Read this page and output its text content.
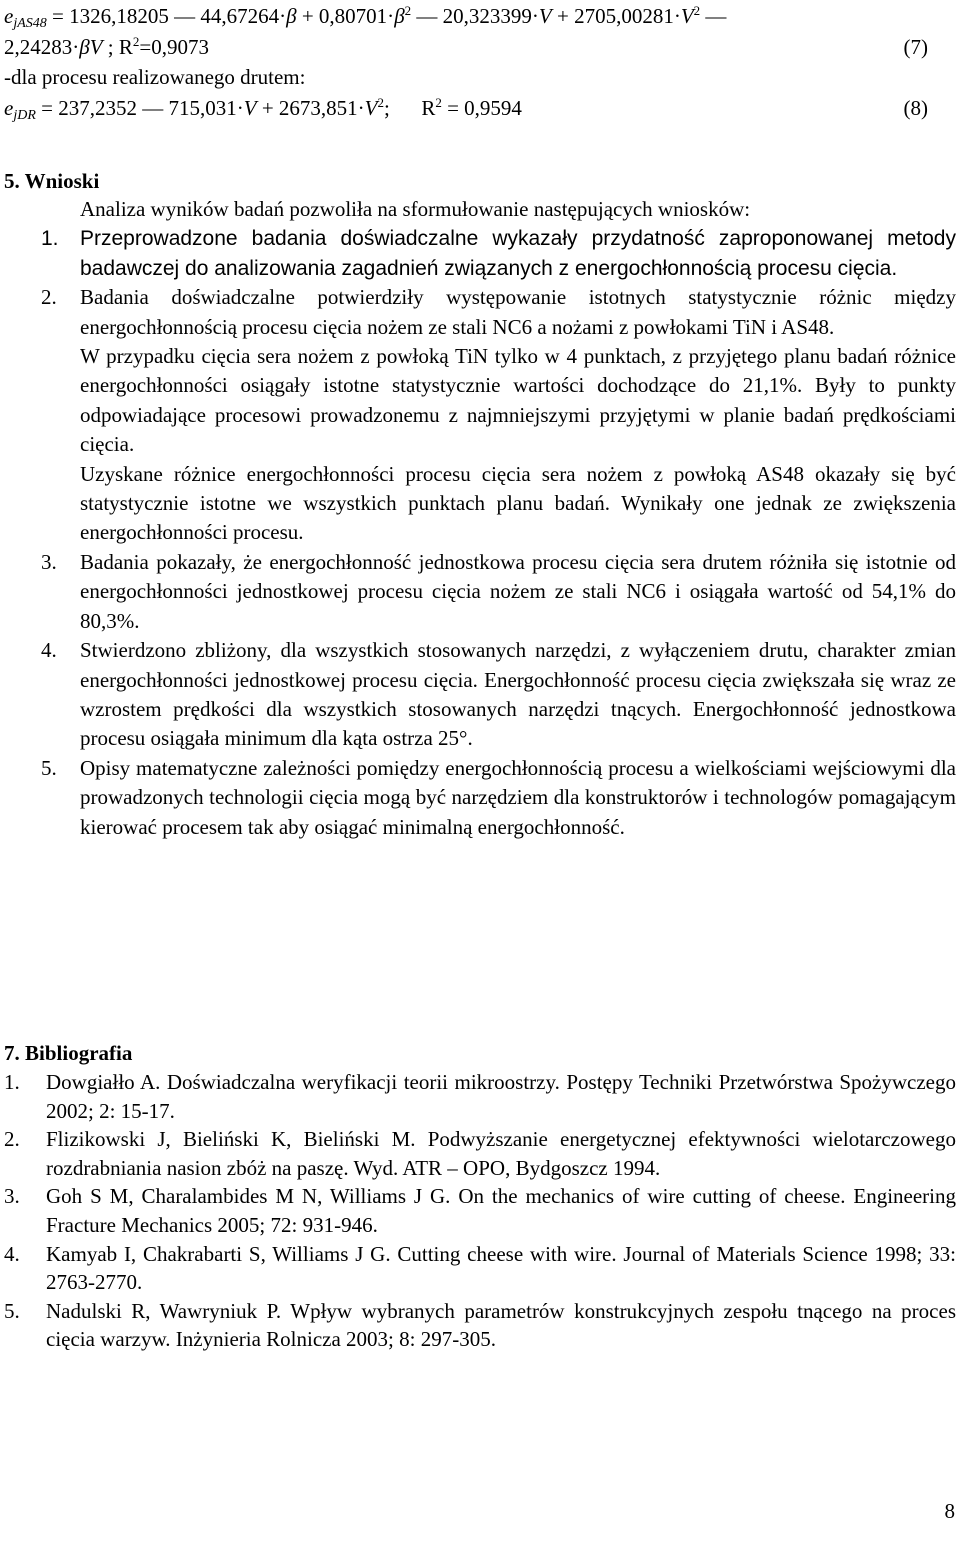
$e_{jAS48} = 1326,18205$ — $44,67264\cdot\beta + 0,80701\cdot\beta^2$ — $20,323399\cdot V + 2705,00281\cdot V^2$ —
2,24283·βV ; $R^2=0,9073$	(7)
-dla procesu realizowanego drutem:
$e_{jDR} = 237,2352$ — $715,031\cdot V + 2673,851\cdot V^2$;      $R^2 = 0,9594$	(8)
5. Wnioski
Analiza wyników badań pozwoliła na sformułowanie następujących wniosków:
1. Przeprowadzone badania doświadczalne wykazały przydatność zaproponowanej metody badawczej do analizowania zagadnień związanych z energochłonnością procesu cięcia.
2. Badania doświadczalne potwierdziły występowanie istotnych statystycznie różnic między energochłonnością procesu cięcia nożem ze stali NC6 a nożami z powłokami TiN i AS48.
W przypadku cięcia sera nożem z powłoką TiN tylko w 4 punktach, z przyjętego planu badań różnice energochłonności osiągały istotne statystycznie wartości dochodzące do 21,1%. Były to punkty odpowiadające procesowi prowadzonemu z najmniejszymi przyjętymi w planie badań prędkościami cięcia.
Uzyskane różnice energochłonności procesu cięcia sera nożem z powłoką AS48 okazały się być statystycznie istotne we wszystkich punktach planu badań. Wynikały one jednak ze zwiększenia energochłonności procesu.
3. Badania pokazały, że energochłonność jednostkowa procesu cięcia sera drutem różniła się istotnie od energochłonności jednostkowej procesu cięcia nożem ze stali NC6 i osiągała wartość od 54,1% do 80,3%.
4. Stwierdzono zbliżony, dla wszystkich stosowanych narzędzi, z wyłączeniem drutu, charakter zmian energochłonności jednostkowej procesu cięcia. Energochłonność procesu cięcia zwiększała się wraz ze wzrostem prędkości dla wszystkich stosowanych narzędzi tnących. Energochłonność jednostkowa procesu osiągała minimum dla kąta ostrza 25°.
5. Opisy matematyczne zależności pomiędzy energochłonnością procesu a wielkościami wejściowymi dla prowadzonych technologii cięcia mogą być narzędziem dla konstruktorów i technologów pomagającym kierować procesem tak aby osiągać minimalną energochłonność.
7. Bibliografia
1. Dowgiałło A. Doświadczalna weryfikacji teorii mikroostrzy. Postępy Techniki Przetwórstwa Spożywczego 2002; 2: 15-17.
2. Flizikowski J, Bieliński K, Bieliński M. Podwyższanie energetycznej efektywności wielotarczowego rozdrabniania nasion zbóż na paszę. Wyd. ATR – OPO, Bydgoszcz 1994.
3. Goh S M, Charalambides M N, Williams J G. On the mechanics of wire cutting of cheese. Engineering Fracture Mechanics 2005; 72: 931-946.
4. Kamyab I, Chakrabarti S, Williams J G. Cutting cheese with wire. Journal of Materials Science 1998; 33: 2763-2770.
5. Nadulski R, Wawryniuk P. Wpływ wybranych parametrów konstrukcyjnych zespołu tnącego na proces cięcia warzyw. Inżynieria Rolnicza 2003; 8: 297-305.
8
